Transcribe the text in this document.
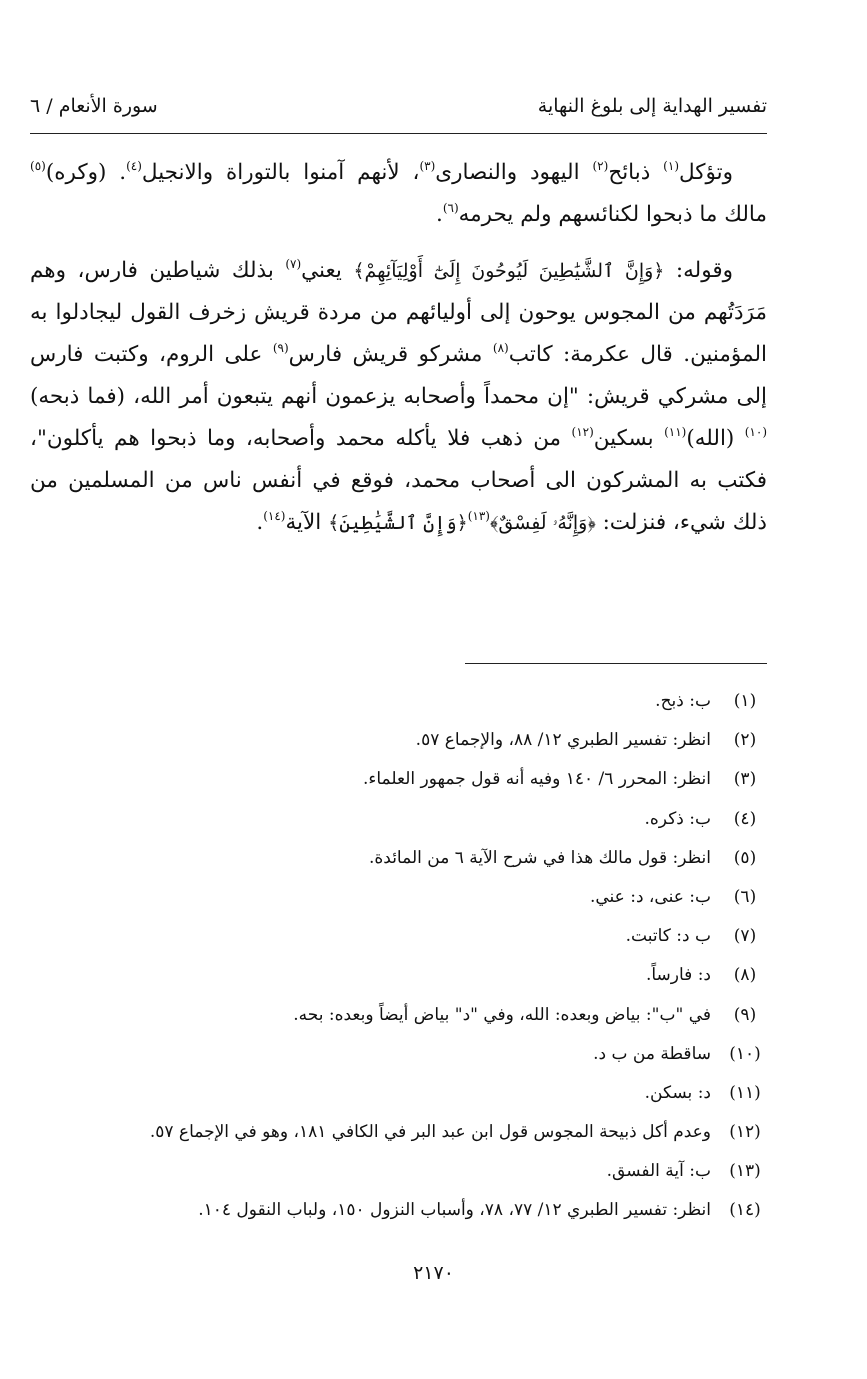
تفسير الهداية إلى بلوغ النهاية
سورة الأنعام / ٦

وتؤكل$^{(١)}$ ذبائح$^{(٢)}$ اليهود والنصارى$^{(٣)}$، لأنهم آمنوا بالتوراة والانجيل$^{(٤)}$. (وكره)$^{(٥)}$ مالك ما ذبحوا لكنائسهم ولم يحرمه$^{(٦)}$.

وقوله: ﴿وَإِنَّ ٱلشَّيَٰطِينَ لَيُوحُونَ إِلَىٰٓ أَوْلِيَآئِهِمْ﴾ يعني$^{(٧)}$ بذلك شياطين فارس، وهم مَرَدَتُهم من المجوس يوحون إلى أوليائهم من مردة قريش زخرف القول ليجادلوا به المؤمنين. قال عكرمة: كاتب$^{(٨)}$ مشركو قريش فارس$^{(٩)}$ على الروم، وكتبت فارس إلى مشركي قريش: "إن محمداً وأصحابه يزعمون أنهم يتبعون أمر الله، (فما ذبحه)$^{(١٠)}$ (الله)$^{(١١)}$ بسكين$^{(١٢)}$ من ذهب فلا يأكله محمد وأصحابه، وما ذبحوا هم يأكلون"، فكتب به المشركون الى أصحاب محمد، فوقع في أنفس ناس من المسلمين من ذلك شيء، فنزلت: ﴿وَإِنَّهُۥ لَفِسْقٌ﴾$^{(١٣)}$﴿وَإِنَّ ٱلشَّيَٰطِينَ﴾ الآية$^{(١٤)}$.

(١)ب: ذبح.
(٢)انظر: تفسير الطبري ١٢/ ٨٨، والإجماع ٥٧.
(٣)انظر: المحرر ٦/ ١٤٠ وفيه أنه قول جمهور العلماء.
(٤)ب: ذكره.
(٥)انظر: قول مالك هذا في شرح الآية ٦ من المائدة.
(٦)ب: عنى، د: عني.
(٧)ب د: كاتبت.
(٨)د: فارساً.
(٩)في "ب": بياض وبعده: الله، وفي "د" بياض أيضاً وبعده: بحه.
(١٠)ساقطة من ب د.
(١١)د: بسكن.
(١٢)وعدم أكل ذبيحة المجوس قول ابن عبد البر في الكافي ١٨١، وهو في الإجماع ٥٧.
(١٣)ب: آية الفسق.
(١٤)انظر: تفسير الطبري ١٢/ ٧٧، ٧٨، وأسباب النزول ١٥٠، ولباب النقول ١٠٤.
٢١٧٠
